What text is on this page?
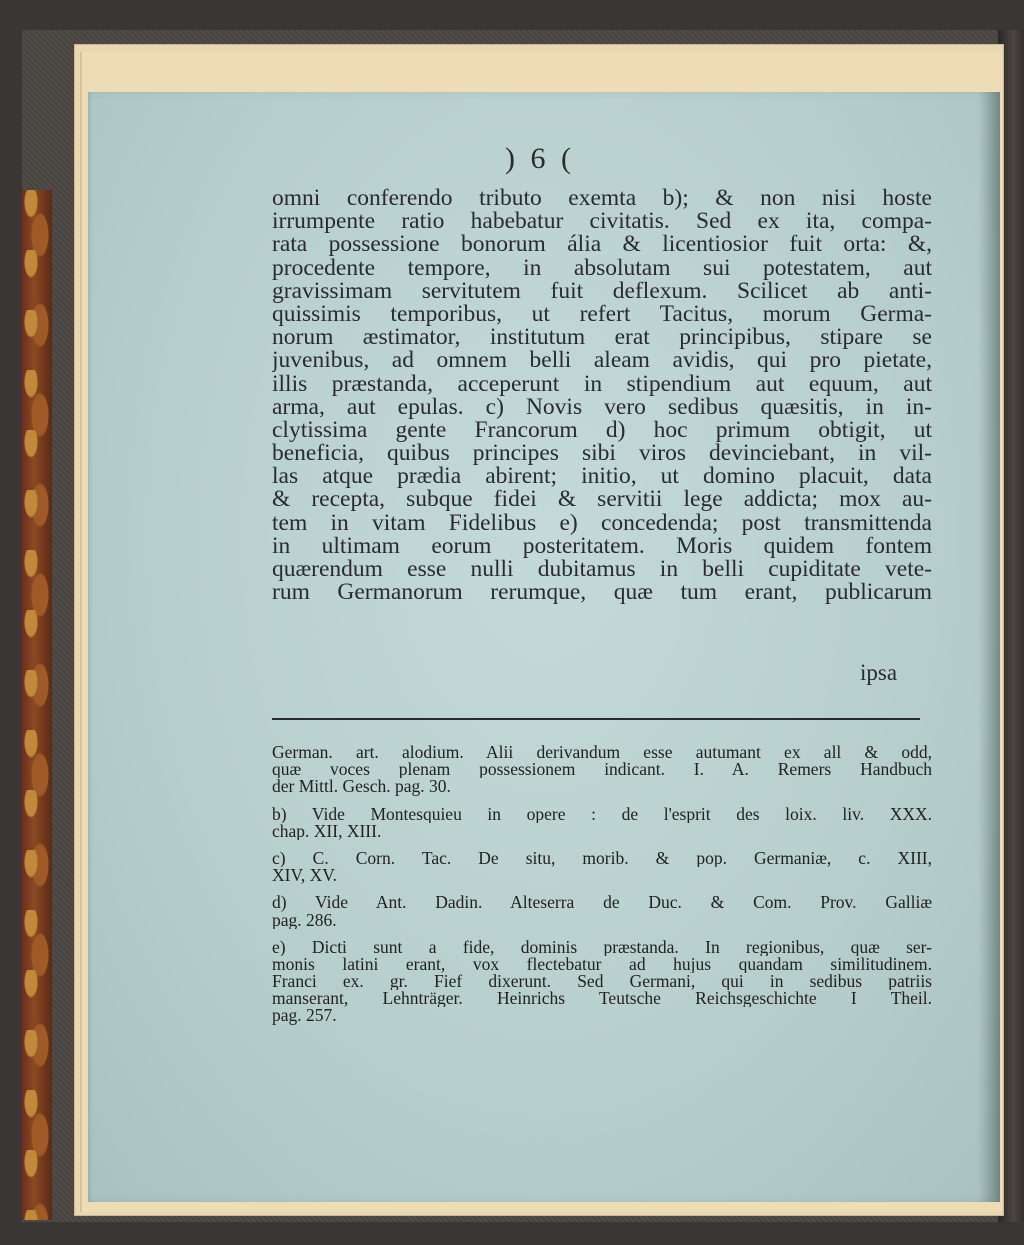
) 6 (
omni conferendo tributo exemta b); & non nisi hoste
irrumpente ratio habebatur civitatis. Sed ex ita, compa-
rata possessione bonorum ália & licentiosior fuit orta: &,
procedente tempore, in absolutam sui potestatem, aut
gravissimam servitutem fuit deflexum. Scilicet ab anti-
quissimis temporibus, ut refert Tacitus, morum Germa-
norum æstimator, institutum erat principibus, stipare se
juvenibus, ad omnem belli aleam avidis, qui pro pietate,
illis præstanda, acceperunt in stipendium aut equum, aut
arma, aut epulas. c) Novis vero sedibus quæsitis, in in-
clytissima gente Francorum d) hoc primum obtigit, ut
beneficia, quibus principes sibi viros devinciebant, in vil-
las atque prædia abirent; initio, ut domino placuit, data
& recepta, subque fidei & servitii lege addicta; mox au-
tem in vitam Fidelibus e) concedenda; post transmittenda
in ultimam eorum posteritatem. Moris quidem fontem
quærendum esse nulli dubitamus in belli cupiditate vete-
rum Germanorum rerumque, quæ tum erant, publicarum
ipsa
German. art. alodium. Alii derivandum esse autumant ex all & odd,
quæ voces plenam possessionem indicant. I. A. Remers Handbuch
der Mittl. Gesch. pag. 30.
b) Vide Montesquieu in opere : de l'esprit des loix. liv. XXX.
chap. XII, XIII.
c) C. Corn. Tac. De situ, morib. & pop. Germaniæ, c. XIII,
XIV, XV.
d) Vide Ant. Dadin. Alteserra de Duc. & Com. Prov. Galliæ
pag. 286.
e) Dicti sunt a fide, dominis præstanda. In regionibus, quæ ser-
monis latini erant, vox flectebatur ad hujus quandam similitudinem.
Franci ex. gr. Fief dixerunt. Sed Germani, qui in sedibus patriis
manserant, Lehnträger. Heinrichs Teutsche Reichsgeschichte I Theil.
pag. 257.
